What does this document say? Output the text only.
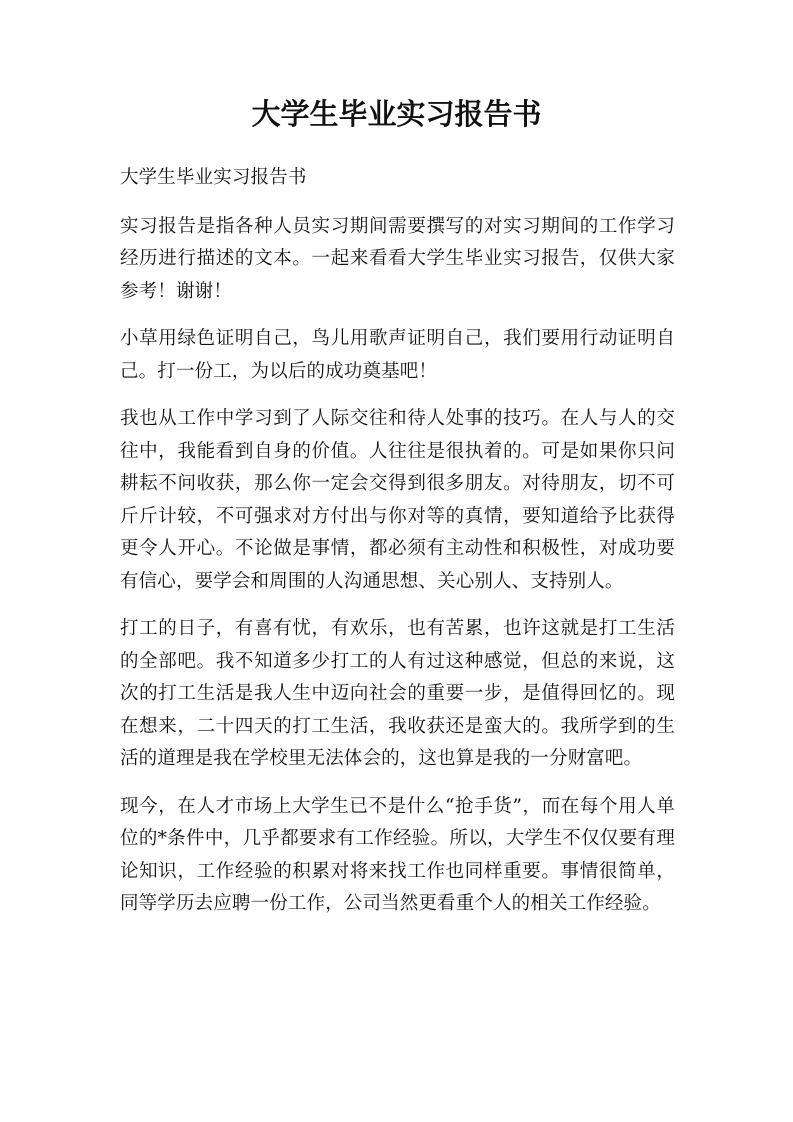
大学生毕业实习报告书

大学生毕业实习报告书

实习报告是指各种人员实习期间需要撰写的对实习期间的工作学习经历进行描述的文本。一起来看看大学生毕业实习报告，仅供大家参考！谢谢！

小草用绿色证明自己，鸟儿用歌声证明自己，我们要用行动证明自己。打一份工，为以后的成功奠基吧！

我也从工作中学习到了人际交往和待人处事的技巧。在人与人的交往中，我能看到自身的价值。人往往是很执着的。可是如果你只问耕耘不问收获，那么你一定会交得到很多朋友。对待朋友，切不可斤斤计较，不可强求对方付出与你对等的真情，要知道给予比获得更令人开心。不论做是事情，都必须有主动性和积极性，对成功要有信心，要学会和周围的人沟通思想、关心别人、支持别人。

打工的日子，有喜有忧，有欢乐，也有苦累，也许这就是打工生活的全部吧。我不知道多少打工的人有过这种感觉，但总的来说，这次的打工生活是我人生中迈向社会的重要一步，是值得回忆的。现在想来，二十四天的打工生活，我收获还是蛮大的。我所学到的生活的道理是我在学校里无法体会的，这也算是我的一分财富吧。

现今，在人才市场上大学生已不是什么“抢手货”，而在每个用人单位的*条件中，几乎都要求有工作经验。所以，大学生不仅仅要有理论知识，工作经验的积累对将来找工作也同样重要。事情很简单，同等学历去应聘一份工作，公司当然更看重个人的相关工作经验。
